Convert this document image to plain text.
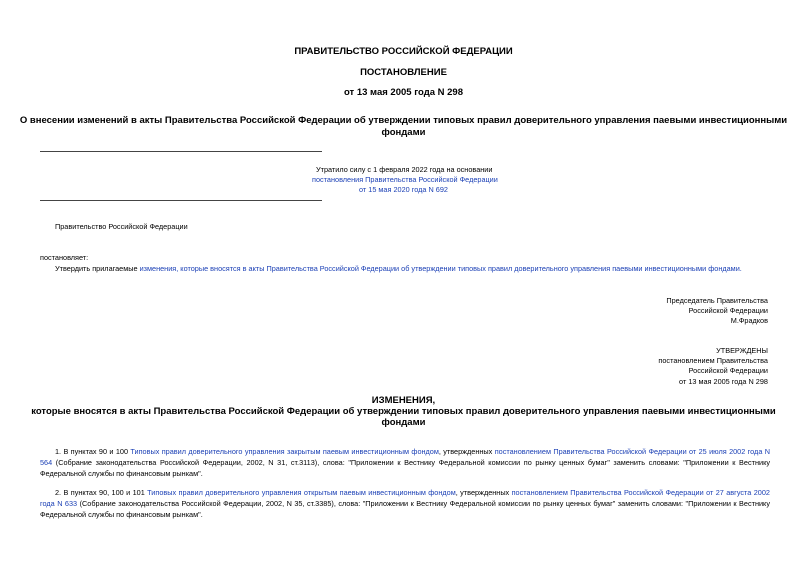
ПРАВИТЕЛЬСТВО РОССИЙСКОЙ ФЕДЕРАЦИИ
ПОСТАНОВЛЕНИЕ
от 13 мая 2005 года N 298
О внесении изменений в акты Правительства Российской Федерации об утверждении типовых правил доверительного управления паевыми инвестиционными
фондами
Утратило силу с 1 февраля 2022 года на основании
постановления Правительства Российской Федерации
от 15 мая 2020 года N 692
Правительство Российской Федерации
постановляет:
Утвердить прилагаемые изменения, которые вносятся в акты Правительства Российской Федерации об утверждении типовых правил доверительного управления паевыми инвестиционными фондами.
Председатель Правительства
Российской Федерации
М.Фрадков
УТВЕРЖДЕНЫ
постановлением Правительства
Российской Федерации
от 13 мая 2005 года N 298
ИЗМЕНЕНИЯ,
которые вносятся в акты Правительства Российской Федерации об утверждении типовых правил доверительного управления паевыми инвестиционными
фондами
1. В пунктах 90 и 100 Типовых правил доверительного управления закрытым паевым инвестиционным фондом, утвержденных постановлением Правительства Российской Федерации от 25 июля 2002 года N 564 (Собрание законодательства Российской Федерации, 2002, N 31, ст.3113), слова: "Приложении к Вестнику Федеральной комиссии по рынку ценных бумаг" заменить словами: "Приложении к Вестнику Федеральной службы по финансовым рынкам".
2. В пунктах 90, 100 и 101 Типовых правил доверительного управления открытым паевым инвестиционным фондом, утвержденных постановлением Правительства Российской Федерации от 27 августа 2002 года N 633 (Собрание законодательства Российской Федерации, 2002, N 35, ст.3385), слова: "Приложении к Вестнику Федеральной комиссии по рынку ценных бумаг" заменить словами: "Приложении к Вестнику Федеральной службы по финансовым рынкам".
